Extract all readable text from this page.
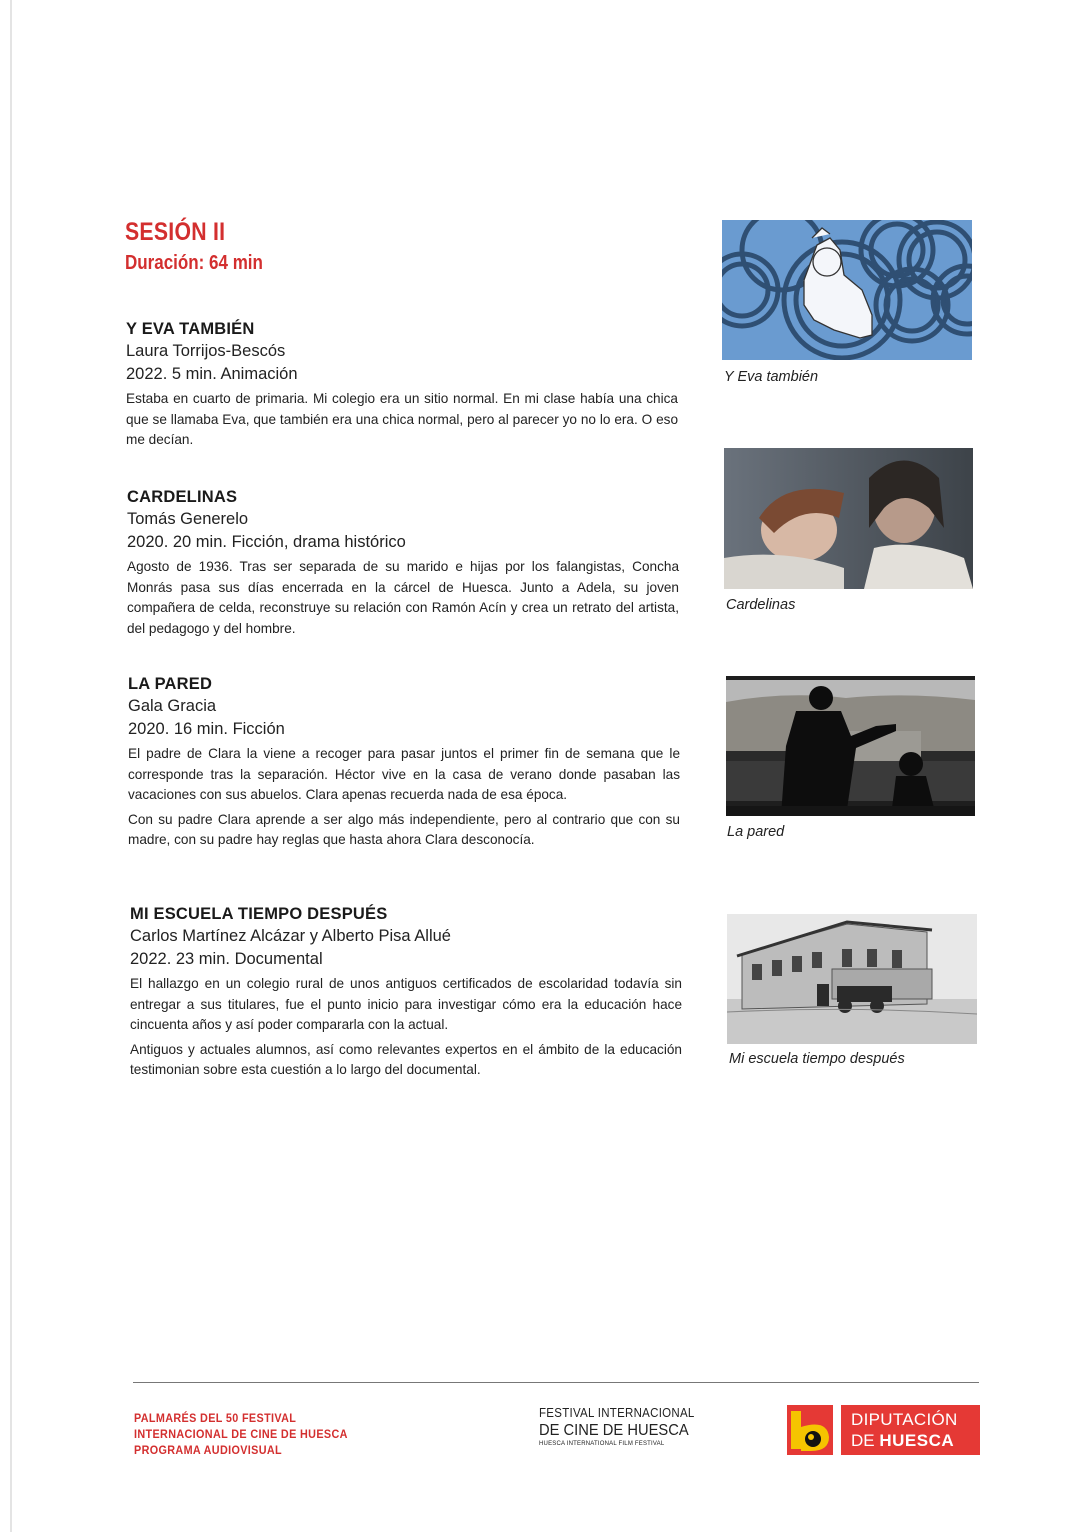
SESIÓN II
Duración: 64 min
Y EVA TAMBIÉN
Laura Torrijos-Bescós
2022. 5 min. Animación

Estaba en cuarto de primaria. Mi colegio era un sitio normal. En mi clase había una chica que se llamaba Eva, que también era una chica normal, pero al parecer yo no lo era. O eso me decían.

CARDELINAS
Tomás Generelo
2020. 20 min. Ficción, drama histórico

Agosto de 1936. Tras ser separada de su marido e hijas por los falangistas, Concha Monrás pasa sus días encerrada en la cárcel de Huesca. Junto a Adela, su joven compañera de celda, reconstruye su relación con Ramón Acín y crea un retrato del artista, del pedagogo y del hombre.

LA PARED
Gala Gracia
2020. 16 min. Ficción

El padre de Clara la viene a recoger para pasar juntos el primer fin de semana que le corresponde tras la separación. Héctor vive en la casa de verano donde pasaban las vacaciones con sus abuelos. Clara apenas recuerda nada de esa época.

Con su padre Clara aprende a ser algo más independiente, pero al contrario que con su madre, con su padre hay reglas que hasta ahora Clara desconocía.

MI ESCUELA TIEMPO DESPUÉS
Carlos Martínez Alcázar y Alberto Pisa Allué
2022. 23 min. Documental

El hallazgo en un colegio rural de unos antiguos certificados de escolaridad todavía sin entregar a sus titulares, fue el punto inicio para investigar cómo era la educación hace cincuenta años y así poder compararla con la actual.

Antiguos y actuales alumnos, así como relevantes expertos en el ámbito de la educación testimonian sobre esta cuestión a lo largo del documental.

Y Eva también
Cardelinas
La pared
Mi escuela tiempo después
PALMARÉS DEL 50 FESTIVAL
INTERNACIONAL DE CINE DE HUESCA
PROGRAMA AUDIOVISUAL
FESTIVAL INTERNACIONAL
DE CINE DE HUESCA
HUESCA INTERNATIONAL FILM FESTIVAL
DIPUTACIÓN
DE HUESCA
